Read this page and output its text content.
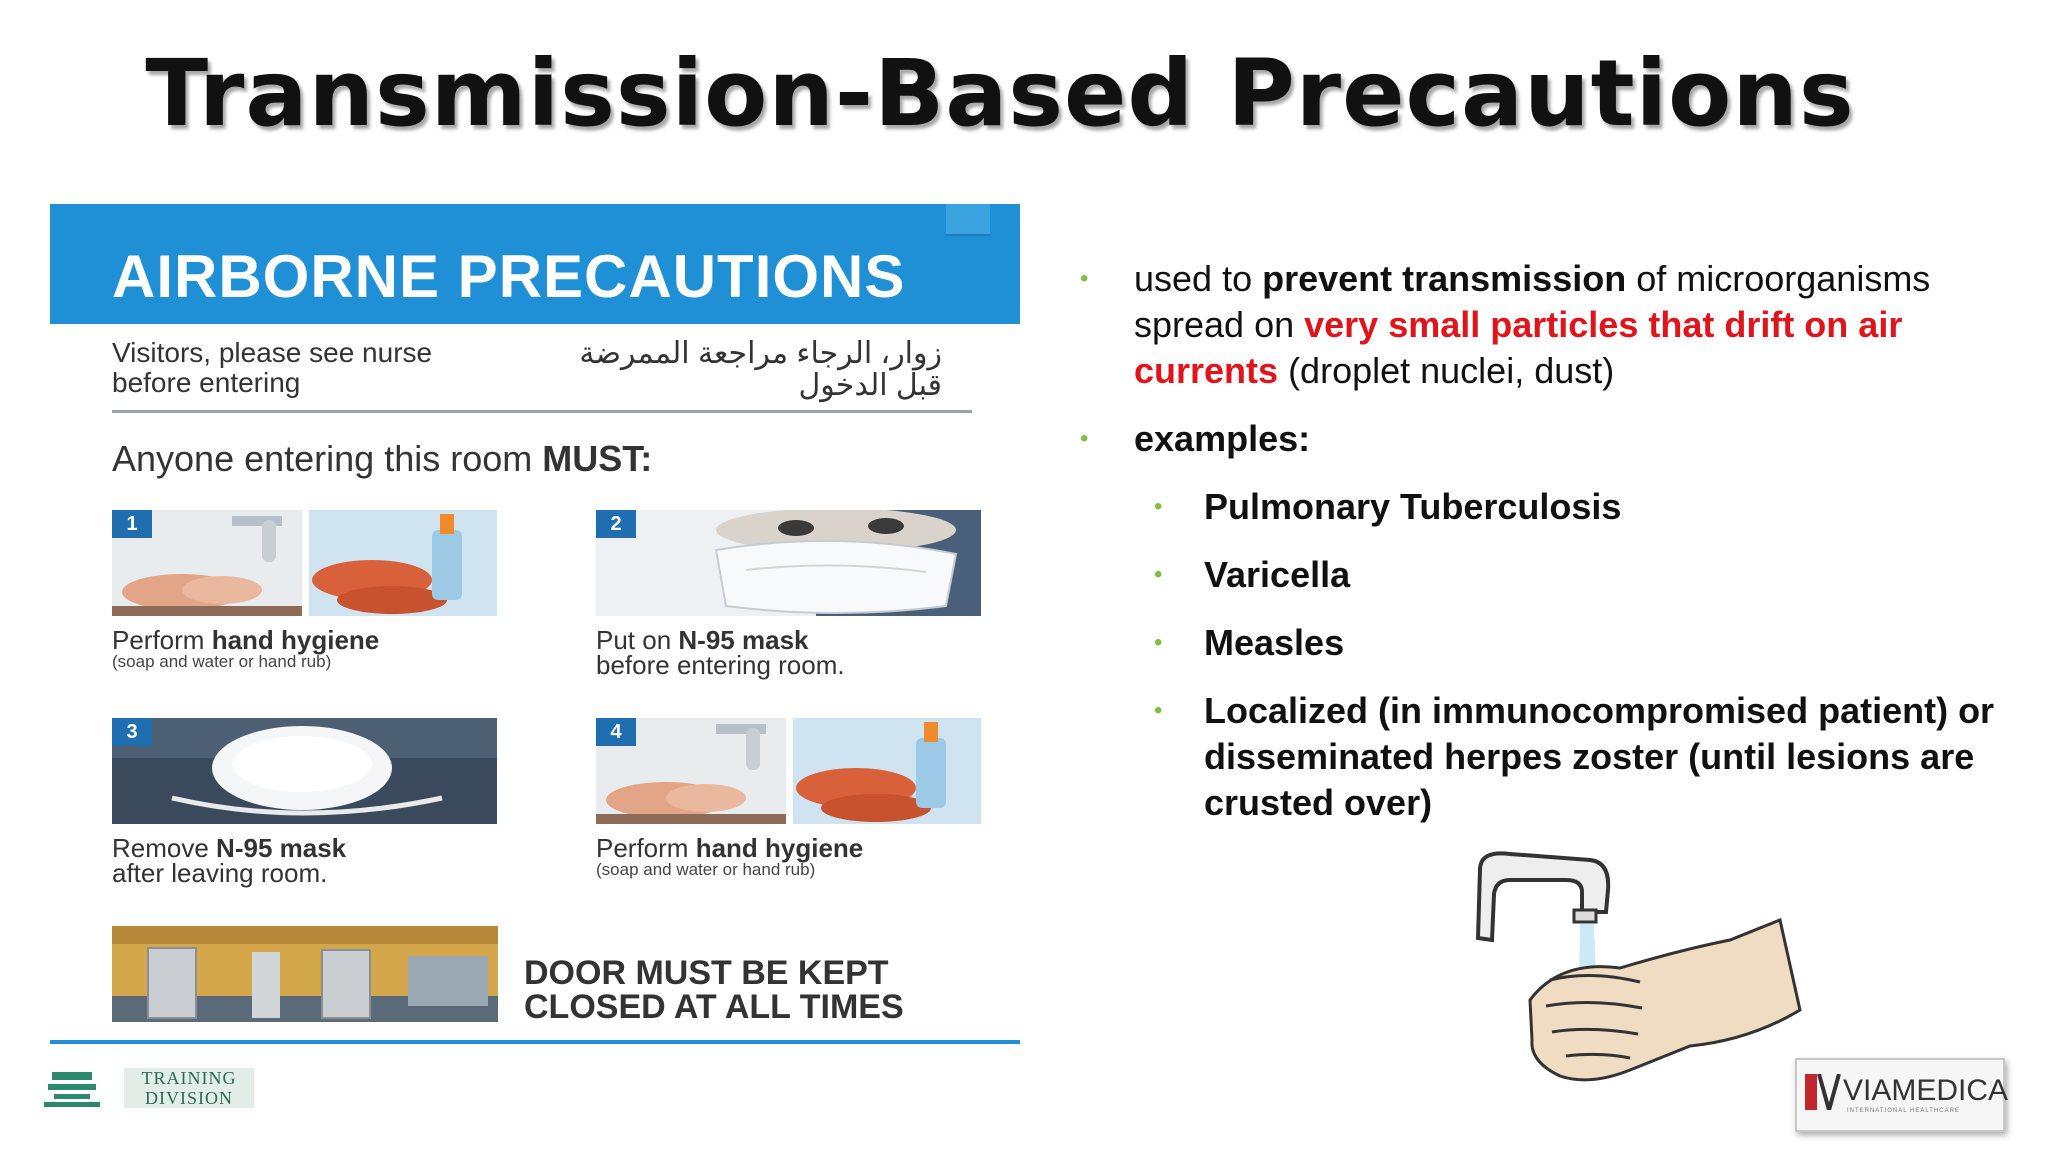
Transmission-Based Precautions
AIRBORNE PRECAUTIONS
Visitors, please see nurse
before entering
زوار، الرجاء مراجعة الممرضة
قبل الدخول
Anyone entering this room MUST:
1
Perform hand hygiene
(soap and water or hand rub)
2
Put on N-95 mask
before entering room.
3
Remove N-95 mask
after leaving room.
4
Perform hand hygiene
(soap and water or hand rub)
DOOR MUST BE KEPT
CLOSED AT ALL TIMES
TRAINING
DIVISION
• used to prevent transmission of microorganisms spread on very small particles that drift on air currents (droplet nuclei, dust)
• examples:
• Pulmonary Tuberculosis
• Varicella
• Measles
• Localized (in immunocompromised patient) or disseminated herpes zoster (until lesions are crusted over)
VIAMEDICA
INTERNATIONAL HEALTHCARE
